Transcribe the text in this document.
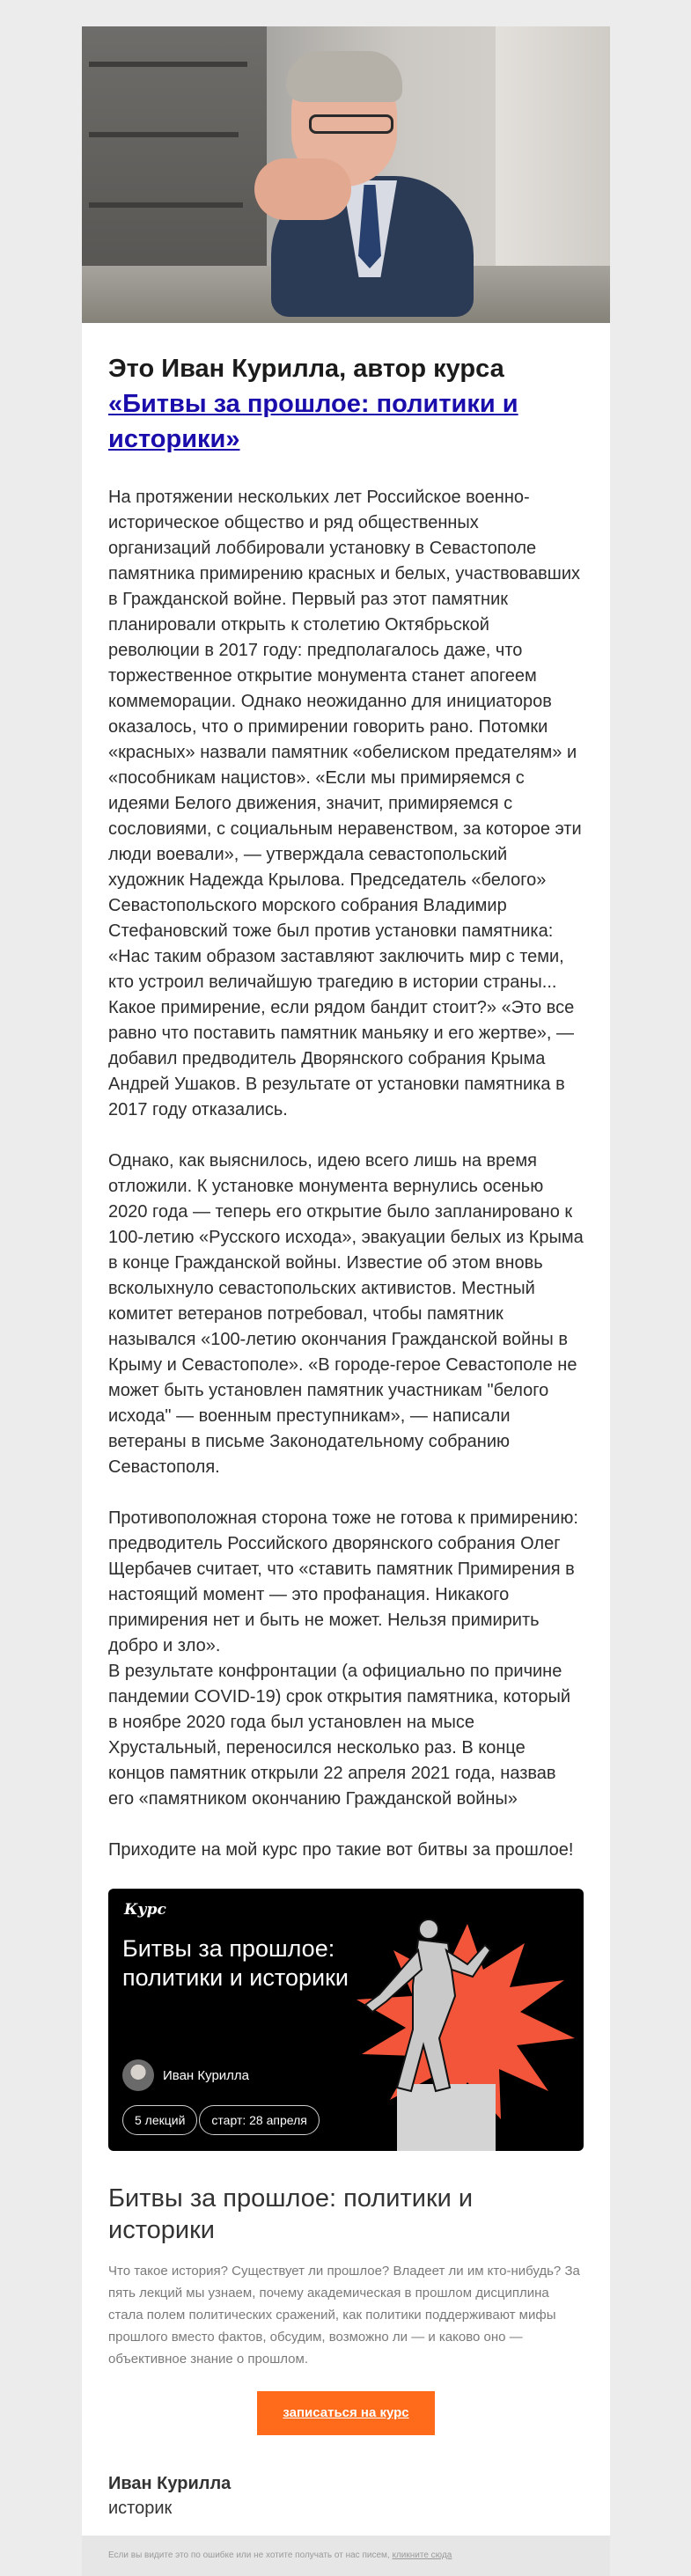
Это Иван Курилла, автор курса
«Битвы за прошлое: политики и историки»

На протяжении нескольких лет Российское военно-историческое общество и ряд общественных организаций лоббировали установку в Севастополе памятника примирению красных и белых, участвовавших в Гражданской войне. Первый раз этот памятник планировали открыть к столетию Октябрьской революции в 2017 году: предполагалось даже, что торжественное открытие монумента станет апогеем коммеморации. Однако неожиданно для инициаторов оказалось, что о примирении говорить рано. Потомки «красных» назвали памятник «обелиском предателям» и «пособникам нацистов». «Если мы примиряемся с идеями Белого движения, значит, примиряемся с сословиями, с социальным неравенством, за которое эти люди воевали», — утверждала севастопольский художник Надежда Крылова. Председатель «белого» Севастопольского морского собрания Владимир Стефановский тоже был против установки памятника: «Нас таким образом заставляют заключить мир с теми, кто устроил величайшую трагедию в истории страны... Какое примирение, если рядом бандит стоит?» «Это все равно что поставить памятник маньяку и его жертве», — добавил предводитель Дворянского собрания Крыма Андрей Ушаков. В результате от установки памятника в 2017 году отказались.

Однако, как выяснилось, идею всего лишь на время отложили. К установке монумента вернулись осенью 2020 года — теперь его открытие было запланировано к 100-летию «Русского исхода», эвакуации белых из Крыма в конце Гражданской войны. Известие об этом вновь всколыхнуло севастопольских активистов. Местный комитет ветеранов потребовал, чтобы памятник назывался «100-летию окончания Гражданской войны в Крыму и Севастополе». «В городе-герое Севастополе не может быть установлен памятник участникам "белого исхода" — военным преступникам», — написали ветераны в письме Законодательному собранию Севастополя.

Противоположная сторона тоже не готова к примирению: предводитель Российского дворянского собрания Олег Щербачев считает, что «ставить памятник Примирения в настоящий момент — это профанация. Никакого примирения нет и быть не может. Нельзя примирить добро и зло».

В результате конфронтации (а официально по причине пандемии COVID-19) срок открытия памятника, который в ноябре 2020 года был установлен на мысе Хрустальный, переносился несколько раз. В конце концов памятник открыли 22 апреля 2021 года, назвав его «памятником окончанию Гражданской войны»

Приходите на мой курс про такие вот битвы за прошлое!

Курс
Битвы за прошлое: политики и историки
Иван Курилла
5 лекций	старт: 28 апреля
Битвы за прошлое: политики и историки

Что такое история? Существует ли прошлое? Владеет ли им кто-нибудь? За пять лекций мы узнаем, почему академическая в прошлом дисциплина стала полем политических сражений, как политики поддерживают мифы прошлого вместо фактов, обсудим, возможно ли — и каково оно — объективное знание о прошлом.

записаться на курс
Иван Курилла
историк
Если вы видите это по ошибке или не хотите получать от нас писем, кликните сюда
